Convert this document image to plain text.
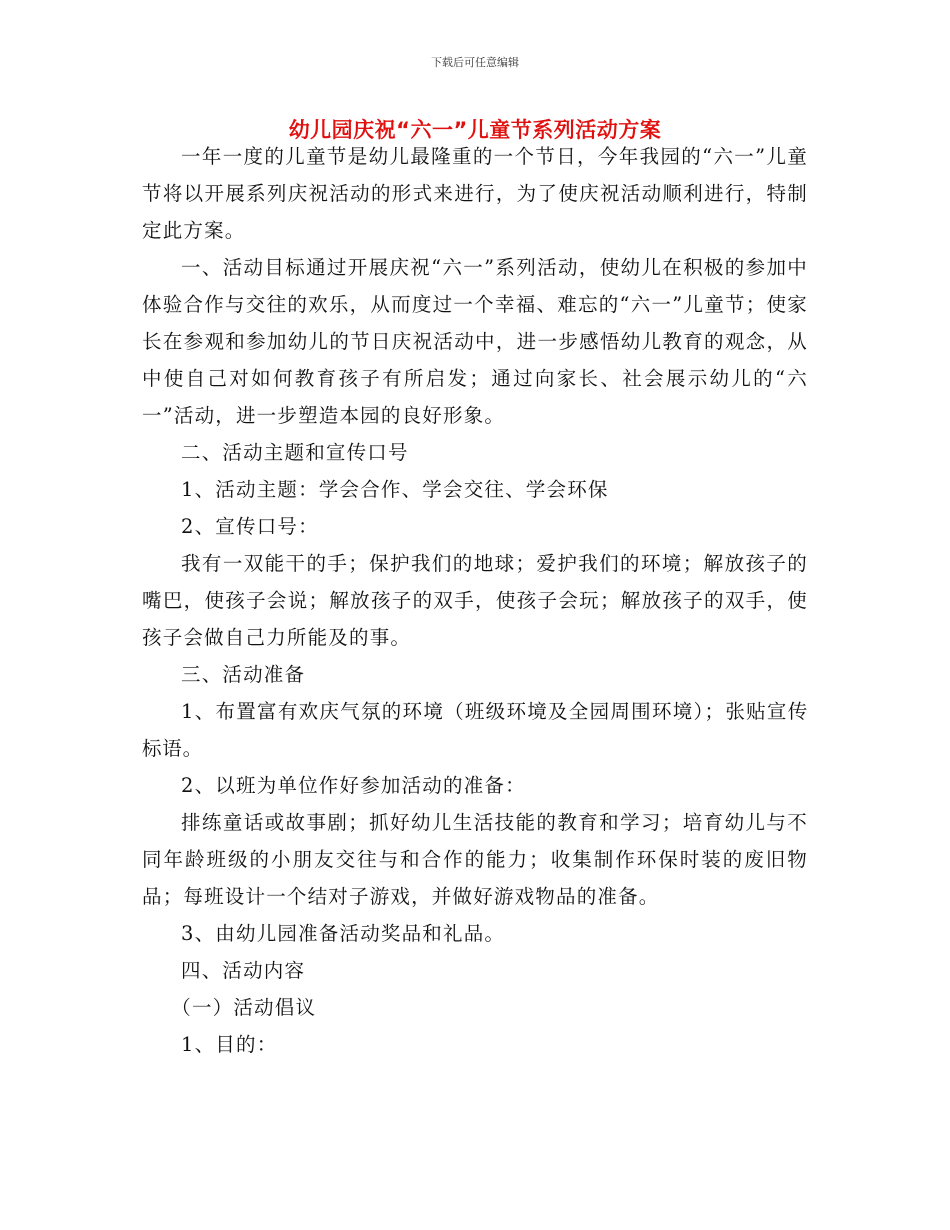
下载后可任意编辑
幼儿园庆祝“六一”儿童节系列活动方案

一年一度的儿童节是幼儿最隆重的一个节日，今年我园的“六一”儿童节将以开展系列庆祝活动的形式来进行，为了使庆祝活动顺利进行，特制定此方案。

一、活动目标通过开展庆祝“六一”系列活动，使幼儿在积极的参加中体验合作与交往的欢乐，从而度过一个幸福、难忘的“六一”儿童节；使家长在参观和参加幼儿的节日庆祝活动中，进一步感悟幼儿教育的观念，从中使自己对如何教育孩子有所启发；通过向家长、社会展示幼儿的“六一”活动，进一步塑造本园的良好形象。

二、活动主题和宣传口号

1、活动主题：学会合作、学会交往、学会环保

2、宣传口号：

我有一双能干的手；保护我们的地球；爱护我们的环境；解放孩子的嘴巴，使孩子会说；解放孩子的双手，使孩子会玩；解放孩子的双手，使孩子会做自己力所能及的事。

三、活动准备

1、布置富有欢庆气氛的环境（班级环境及全园周围环境）；张贴宣传标语。

2、以班为单位作好参加活动的准备：

排练童话或故事剧；抓好幼儿生活技能的教育和学习；培育幼儿与不同年龄班级的小朋友交往与和合作的能力；收集制作环保时装的废旧物品；每班设计一个结对子游戏，并做好游戏物品的准备。

3、由幼儿园准备活动奖品和礼品。

四、活动内容

（一）活动倡议

1、目的：
